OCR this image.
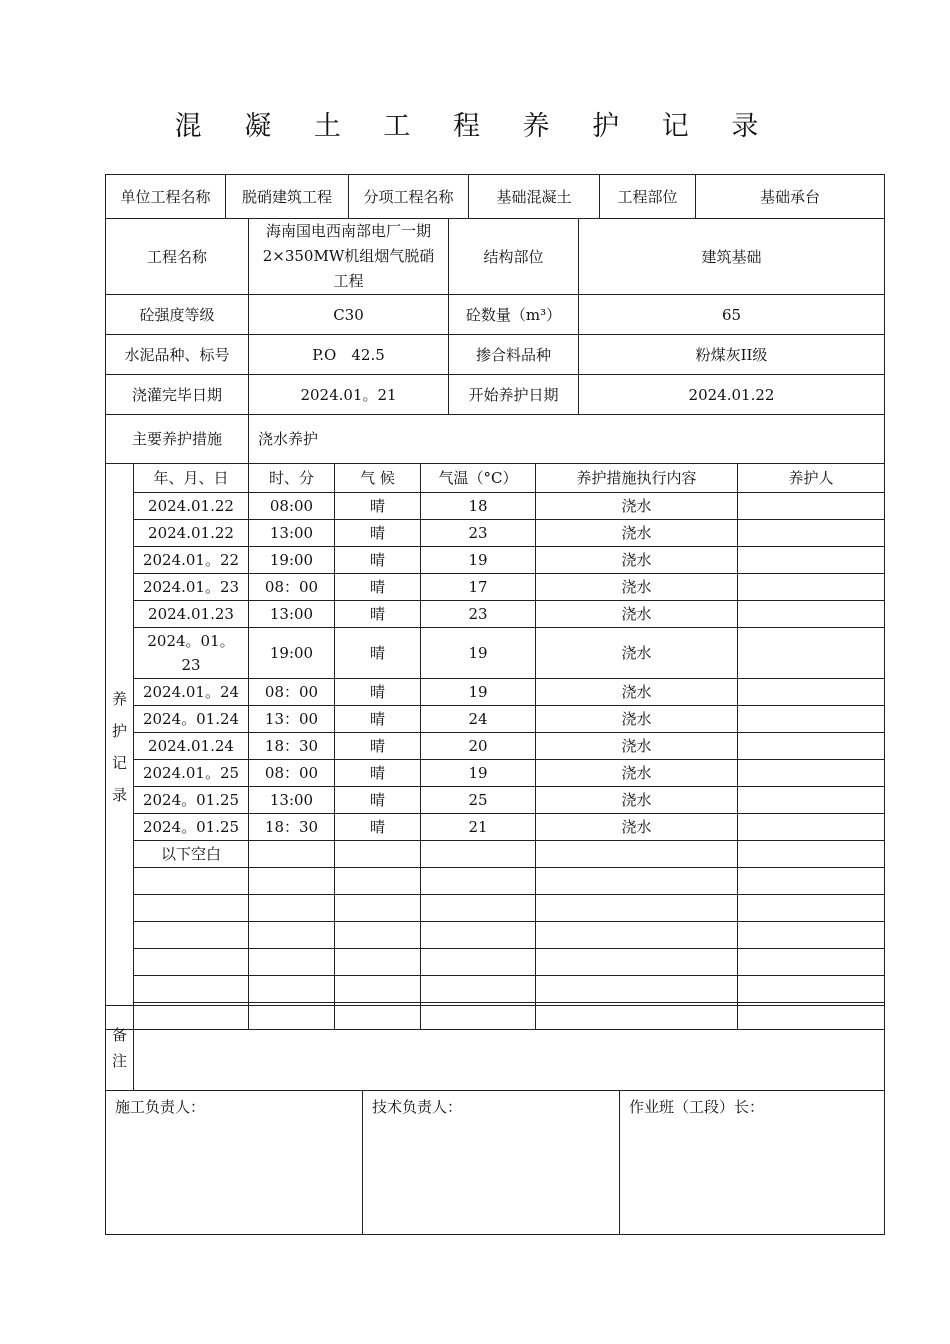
混 凝 土 工 程 养 护 记 录
单位工程名称	脱硝建筑工程	分项工程名称	基础混凝土	工程部位	基础承台
工程名称	海南国电西南部电厂一期2×350MW机组烟气脱硝工程	结构部位	建筑基础
砼强度等级	C30	砼数量（m³）	65
水泥品种、标号	P.O　42.5	掺合料品种	粉煤灰II级
浇灌完毕日期	2024.01。21	开始养护日期	2024.01.22
主要养护措施	浇水养护		
养
护
记
录	年、月、日	时、分	气 候	气温（°C）	养护措施执行内容	养护人
	2024.01.22	08:00	晴	18	浇水	
	2024.01.22	13:00	晴	23	浇水	
	2024.01。22	19:00	晴	19	浇水	
	2024.01。23	08：00	晴	17	浇水	
	2024.01.23	13:00	晴	23	浇水	
	2024。01。23	19:00	晴	19	浇水	
	2024.01。24	08：00	晴	19	浇水	
	2024。01.24	13：00	晴	24	浇水	
	2024.01.24	18：30	晴	20	浇水	
	2024.01。25	08：00	晴	19	浇水	
	2024。01.25	13:00	晴	25	浇水	
	2024。01.25	18：30	晴	21	浇水	
	以下空白					

备
注			

施工负责人：		技术负责人：	作业班（工段）长：
